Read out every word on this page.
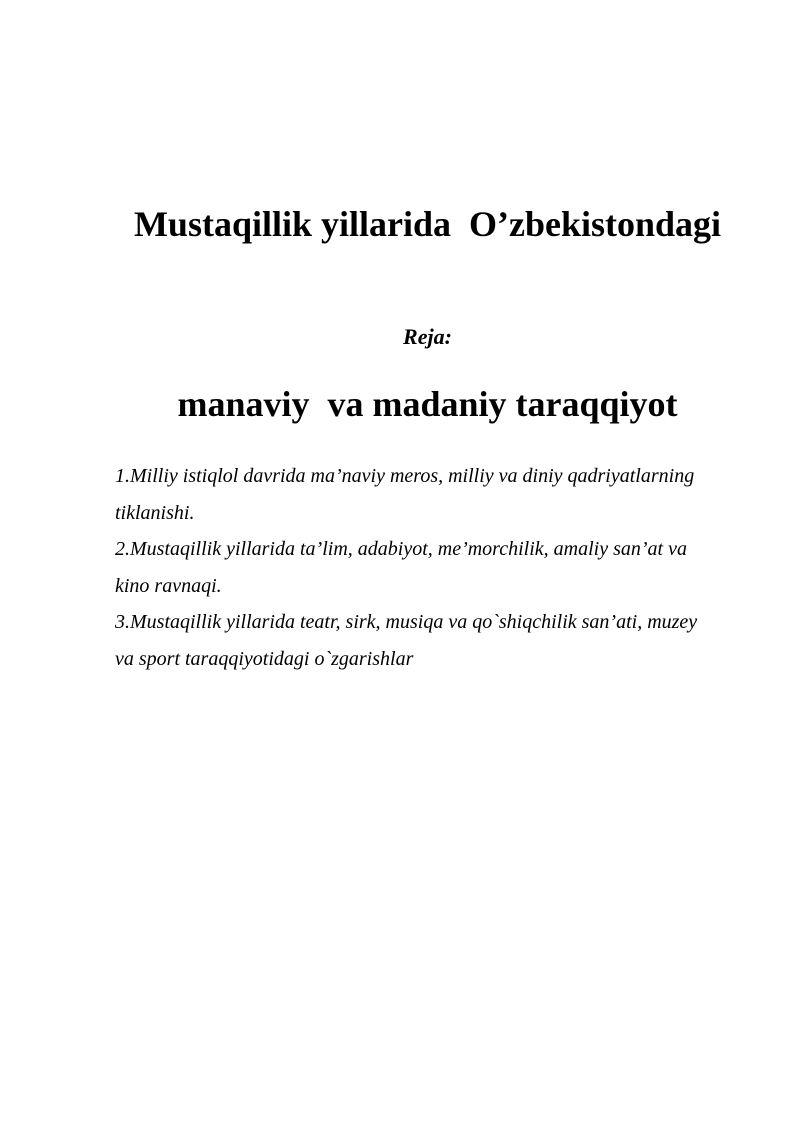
Mustaqillik yillarida  O’zbekistondagi

manaviy  va madaniy taraqqiyot

Reja:
1.Milliy istiqlol davrida ma’naviy meros, milliy va diniy qadriyatlarning
tiklanishi.
2.Mustaqillik yillarida ta’lim, adabiyot, me’morchilik, amaliy san’at va
kino ravnaqi.
3.Mustaqillik yillarida teatr, sirk, musiqa va qo`shiqchilik san’ati, muzey
va sport taraqqiyotidagi o`zgarishlar
